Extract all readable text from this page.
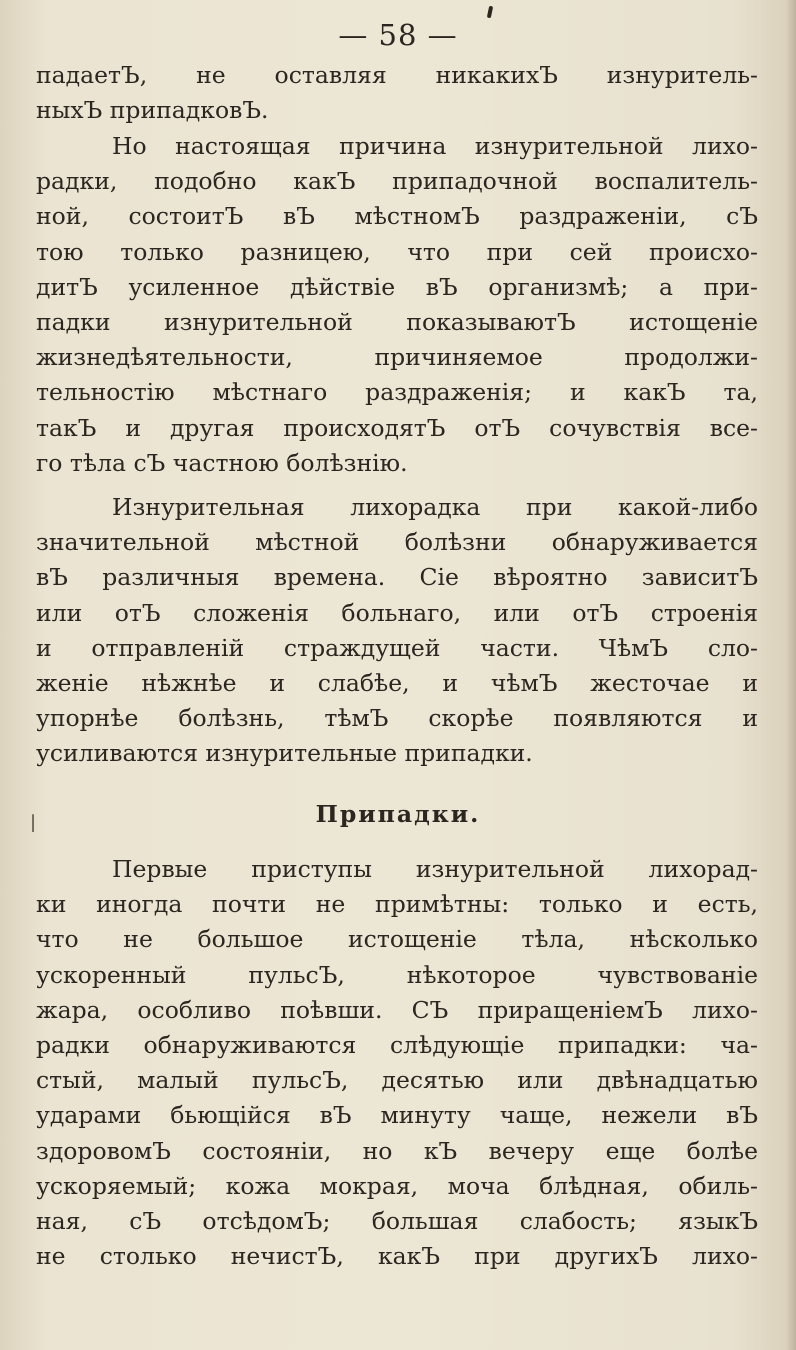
— 58 —
падаетЪ, не оставляя никакихЪ изнуритель-
ныхЪ припадковЪ.
Но настоящая причина изнурительной лихо-
радки, подобно какЪ припадочной воспалитель-
ной, состоитЪ вЪ мѣстномЪ раздраженіи, сЪ
тою только разницею, что при сей происхо-
дитЪ усиленное дѣйствіе вЪ организмѣ; а при-
падки изнурительной показываютЪ истощеніе
жизнедѣятельности, причиняемое продолжи-
тельностію мѣстнаго раздраженія; и какЪ та,
такЪ и другая происходятЪ отЪ сочувствія все-
го тѣла сЪ частною болѣзнію.
Изнурительная лихорадка при какой-либо
значительной мѣстной болѣзни обнаруживается
вЪ различныя времена. Сіе вѣроятно зависитЪ
или отЪ сложенія больнаго, или отЪ строенія
и отправленій страждущей части. ЧѣмЪ сло-
женіе нѣжнѣе и слабѣе, и чѣмЪ жесточае и
упорнѣе болѣзнь, тѣмЪ скорѣе появляются и
усиливаются изнурительные припадки.
Припадки.
|
Первые приступы изнурительной лихорад-
ки иногда почти не примѣтны: только и есть,
что не большое истощеніе тѣла, нѣсколько
ускоренный пульсЪ, нѣкоторое чувствованіе
жара, особливо поѣвши. СЪ приращеніемЪ лихо-
радки обнаруживаются слѣдующіе припадки: ча-
стый, малый пульсЪ, десятью или двѣнадцатью
ударами бьющійся вЪ минуту чаще, нежели вЪ
здоровомЪ состояніи, но кЪ вечеру еще болѣе
ускоряемый; кожа мокрая, моча блѣдная, обиль-
ная, сЪ отсѣдомЪ; большая слабость; языкЪ
не столько нечистЪ, какЪ при другихЪ лихо-
